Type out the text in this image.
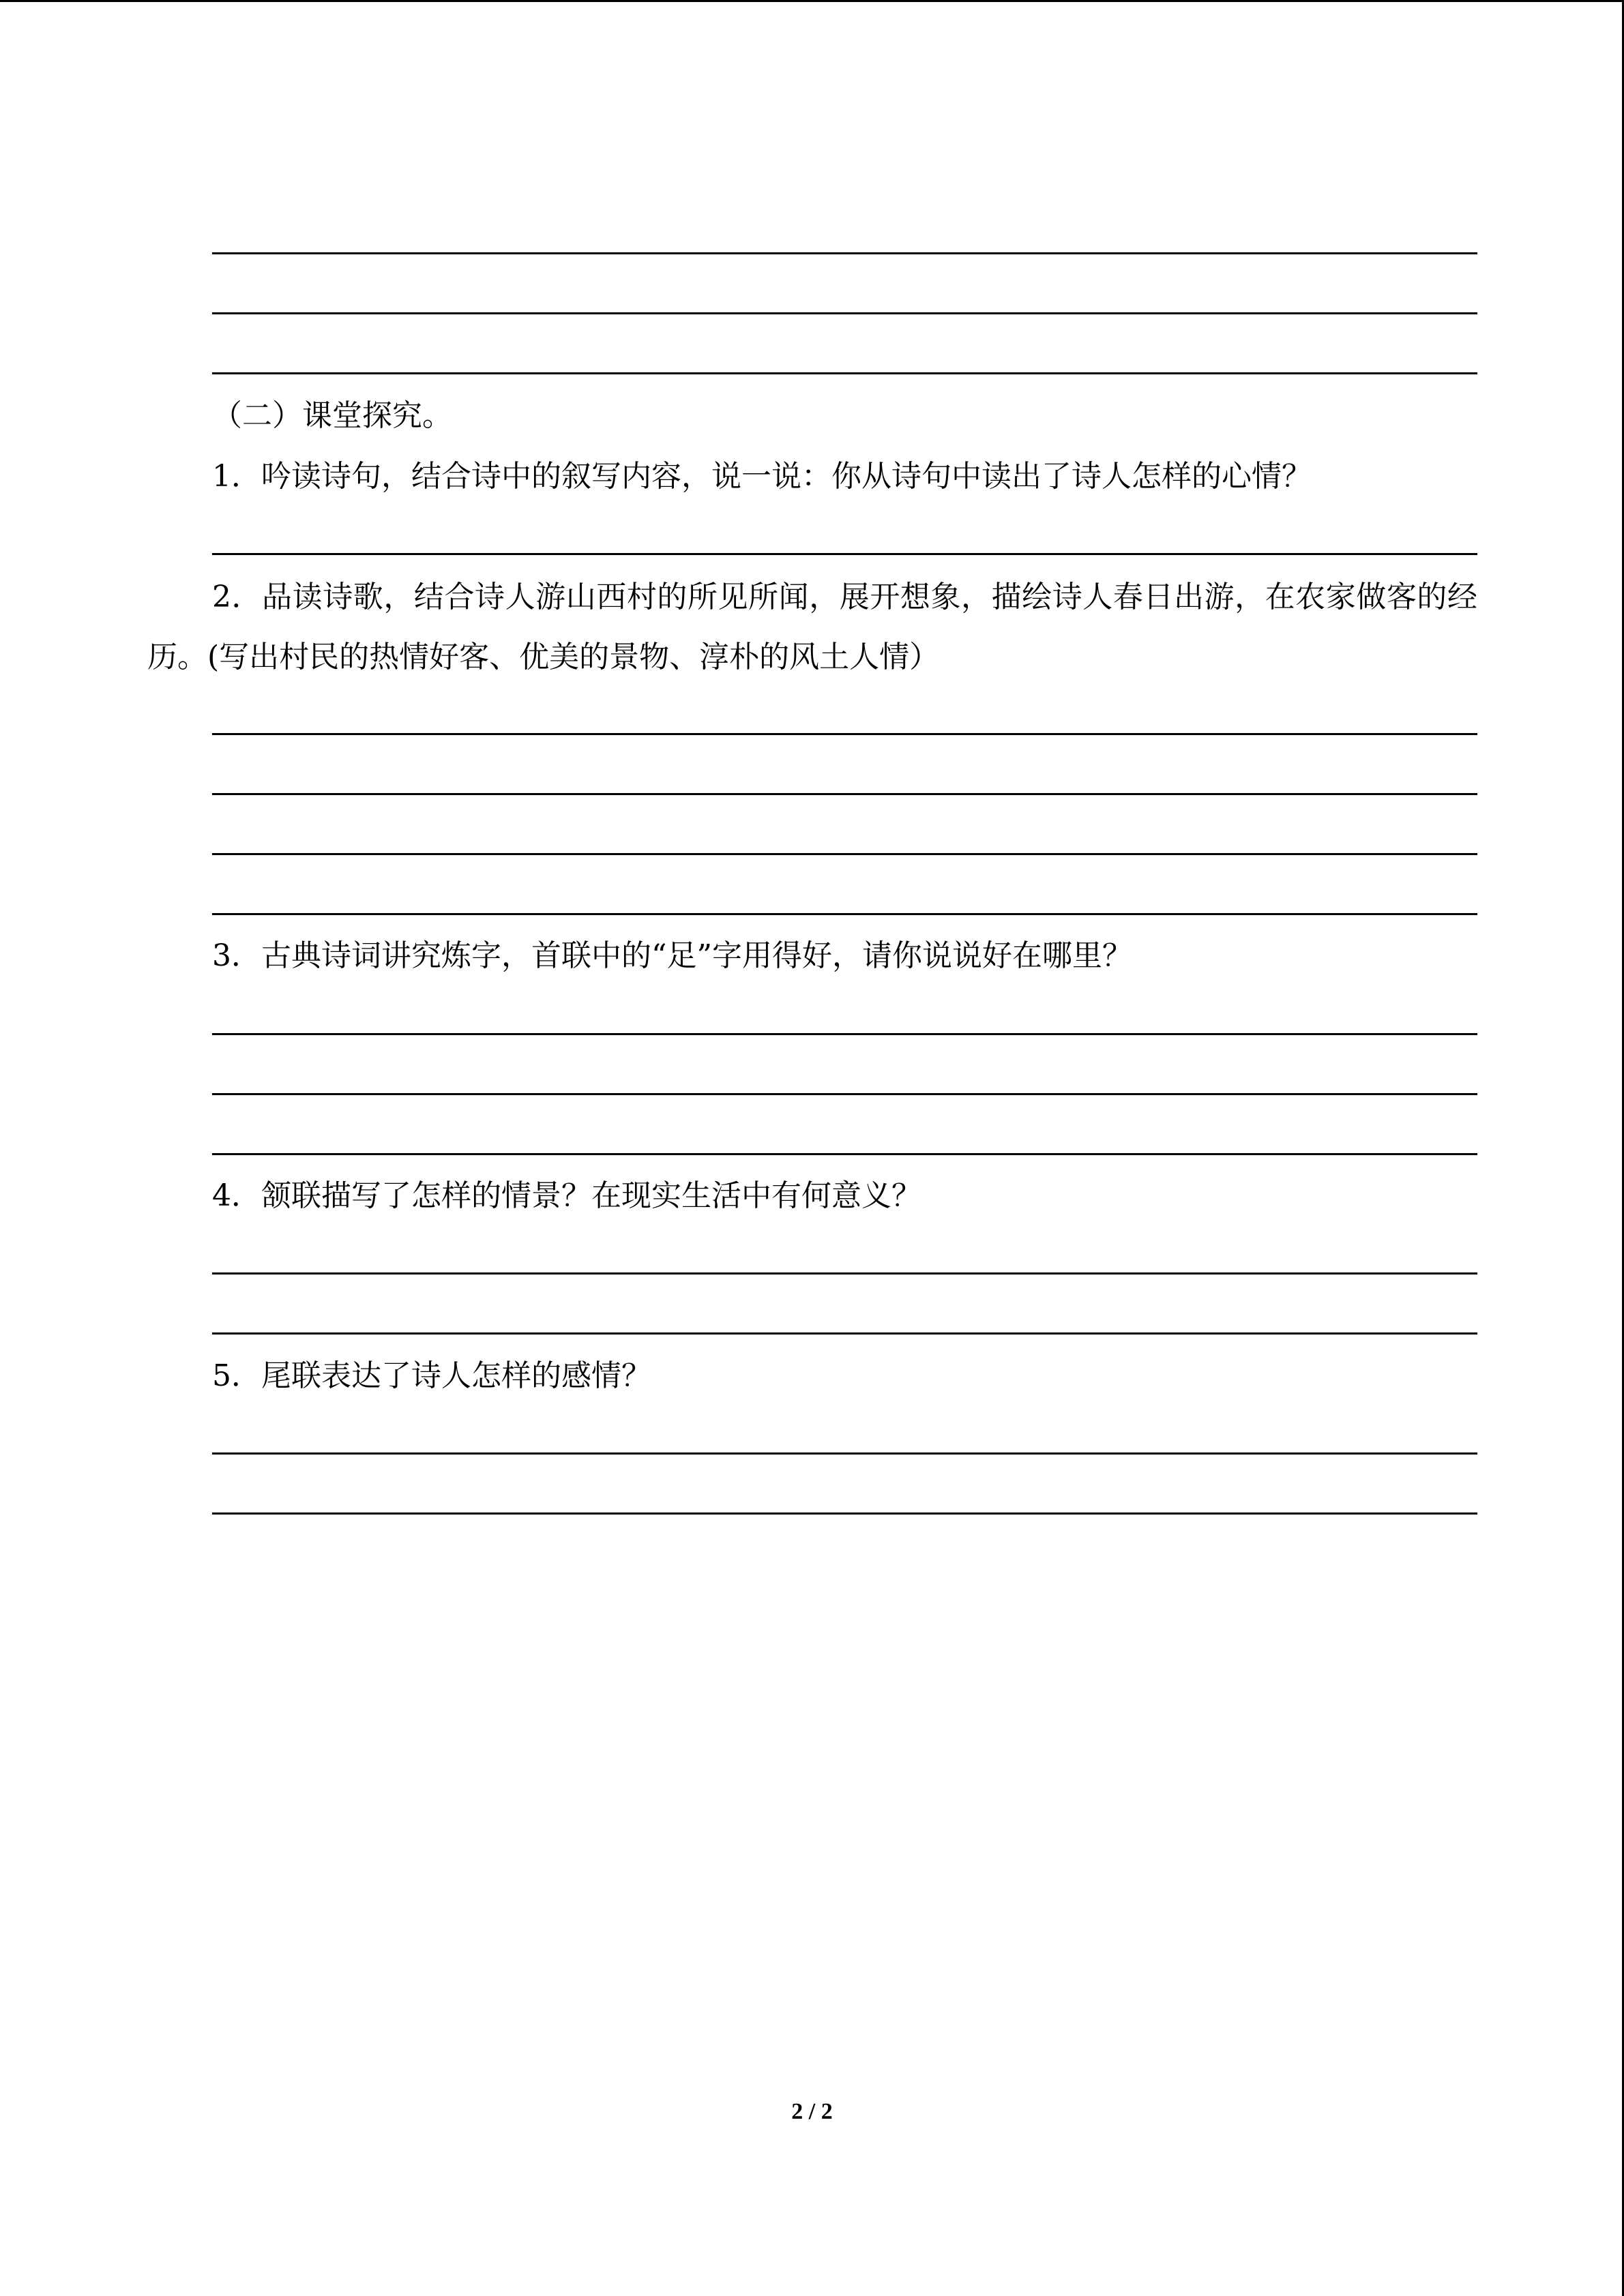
（二）课堂探究。
1．吟读诗句，结合诗中的叙写内容，说一说：你从诗句中读出了诗人怎样的心情？
2．品读诗歌，结合诗人游山西村的所见所闻，展开想象，描绘诗人春日出游，在农家做客的经历。(写出村民的热情好客、优美的景物、淳朴的风土人情）
3．古典诗词讲究炼字，首联中的“足”字用得好，请你说说好在哪里？
4．颔联描写了怎样的情景？在现实生活中有何意义？
5．尾联表达了诗人怎样的感情？
2 / 2
